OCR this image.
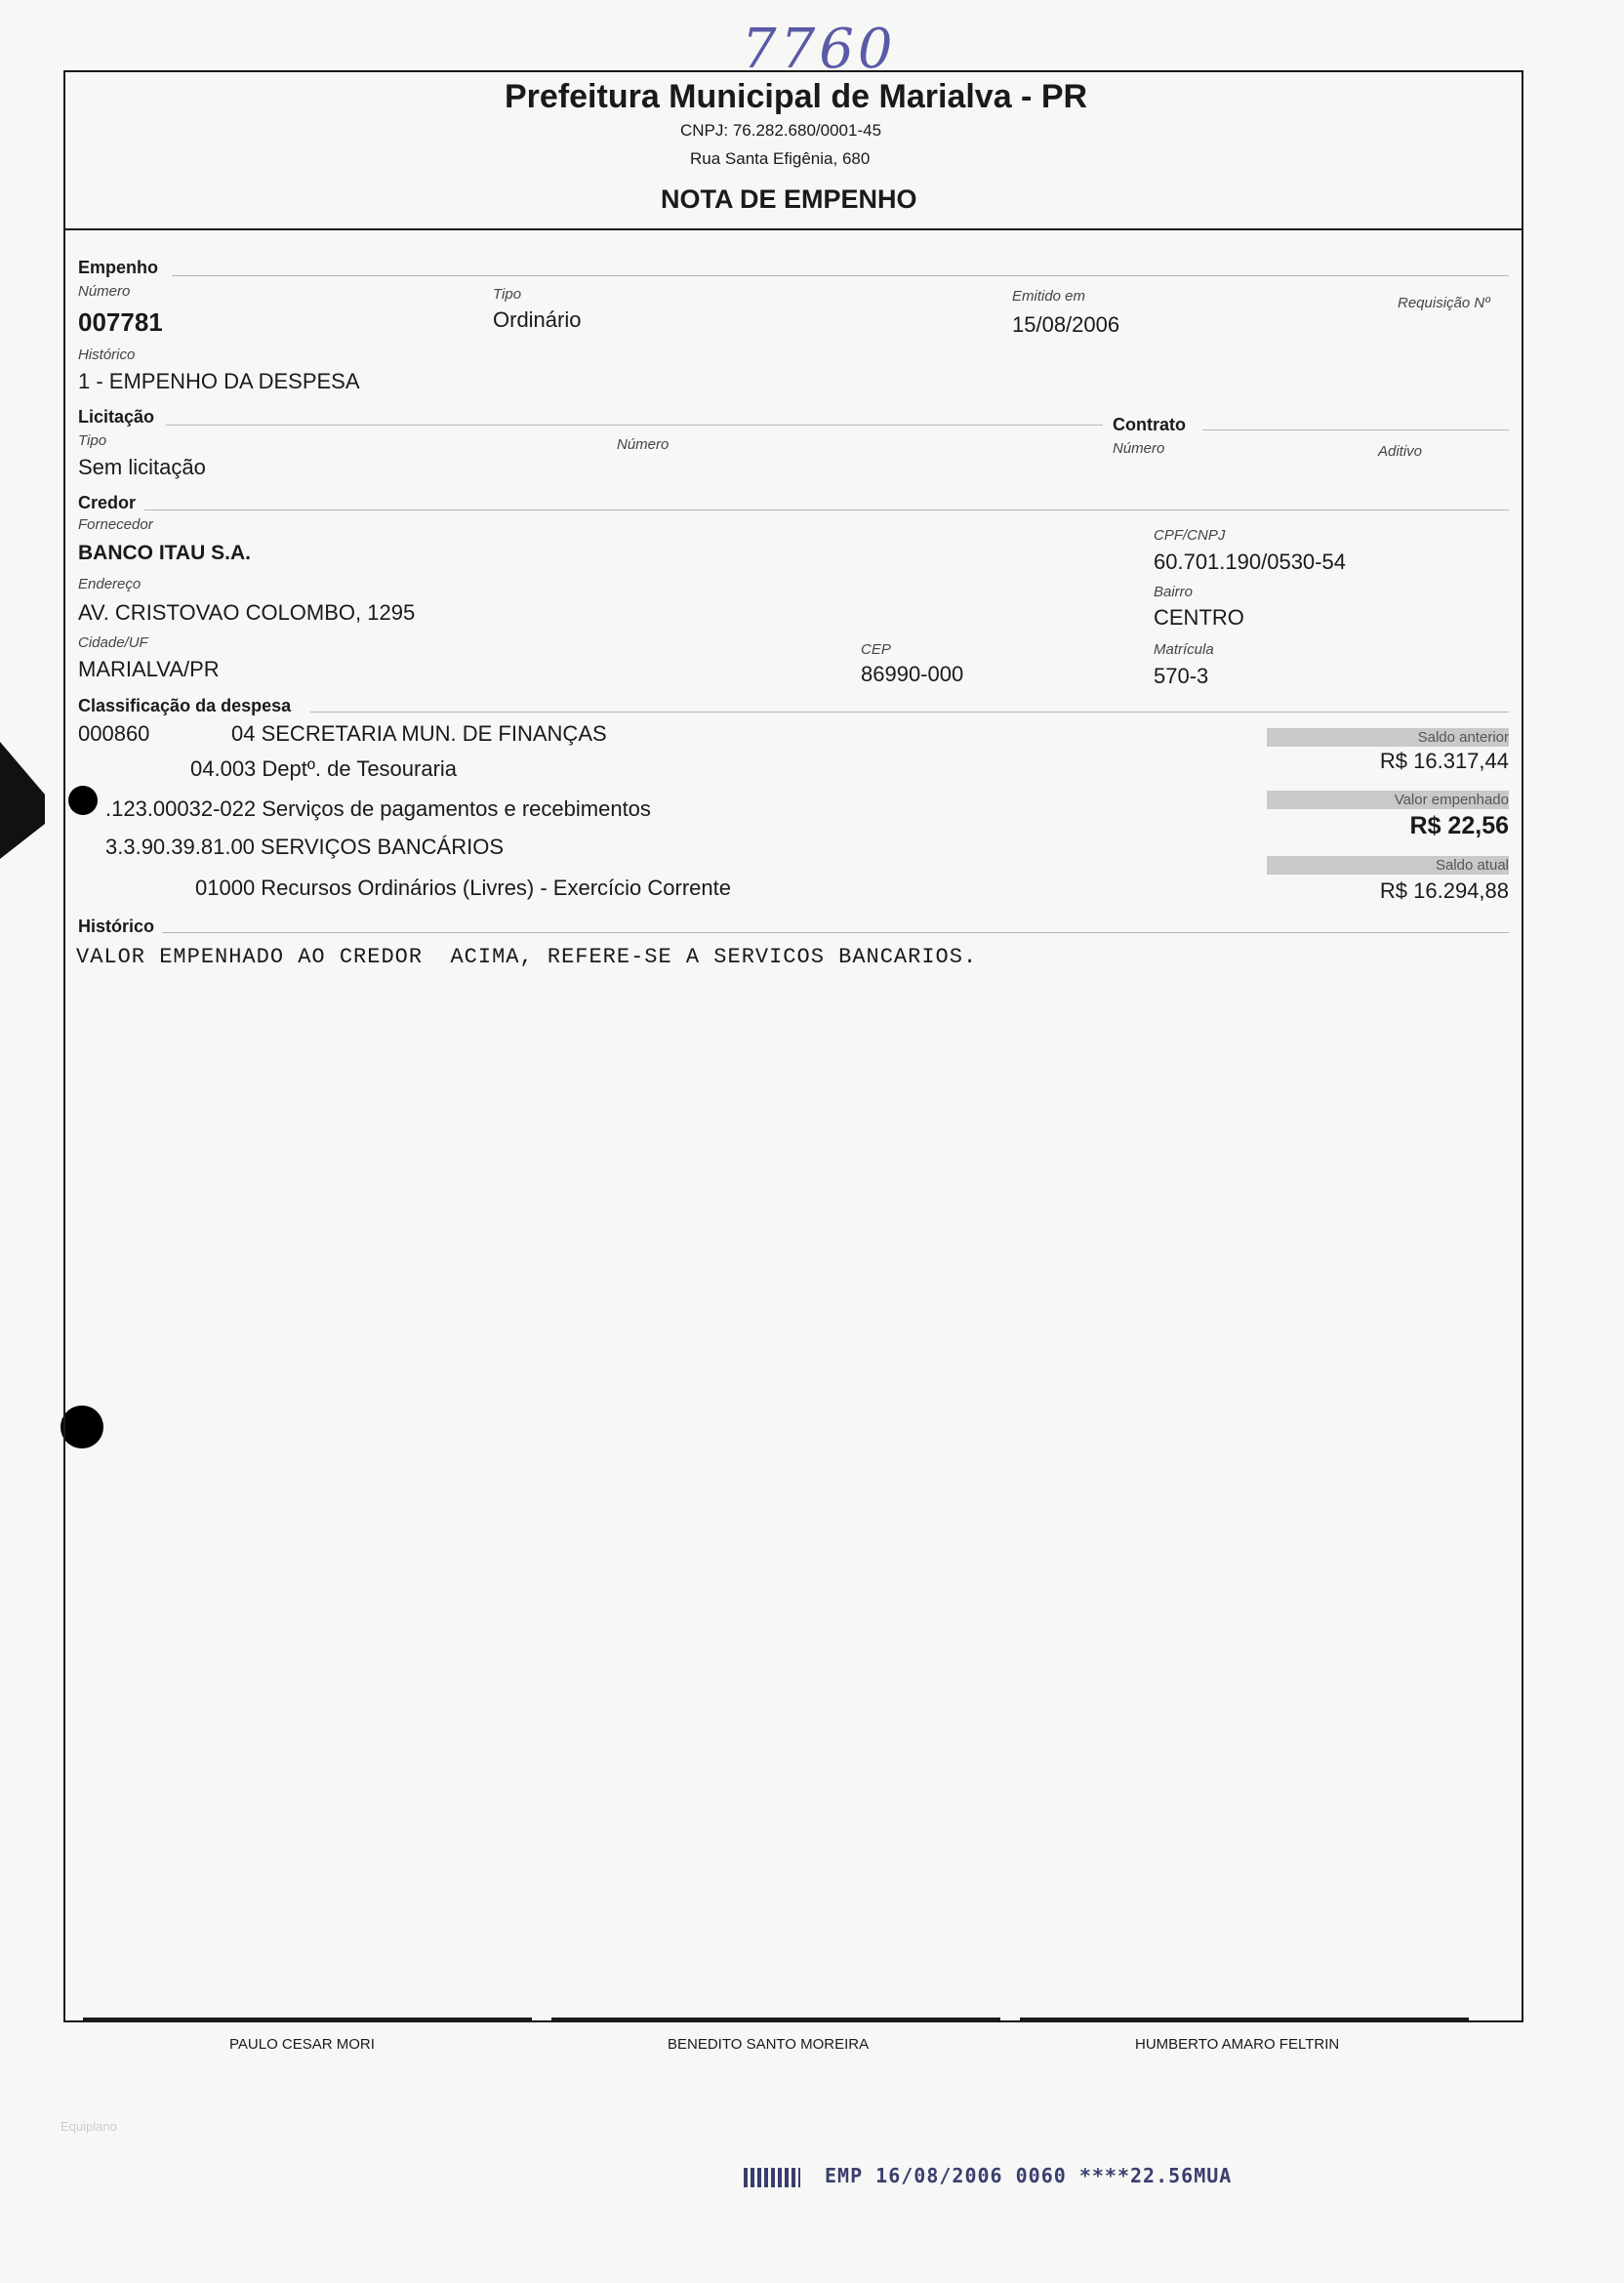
7760
Prefeitura Municipal de Marialva - PR
CNPJ: 76.282.680/0001-45
Rua Santa Efigênia, 680
NOTA DE EMPENHO
Empenho
Número
007781
Tipo
Ordinário
Emitido em
15/08/2006
Requisição Nº
Histórico
1 - EMPENHO DA DESPESA
Licitação	Contrato
Tipo
Sem licitação
Número	Número	Aditivo
Credor
Fornecedor
BANCO ITAU S.A.
CPF/CNPJ
60.701.190/0530-54
Endereço
AV. CRISTOVAO COLOMBO, 1295
Bairro
CENTRO
Cidade/UF
MARIALVA/PR
CEP
86990-000
Matrícula
570-3
Classificação da despesa
000860	04 SECRETARIA MUN. DE FINANÇAS
04.003 Deptº. de Tesouraria
.123.00032-022 Serviços de pagamentos e recebimentos
3.3.90.39.81.00 SERVIÇOS BANCÁRIOS
01000 Recursos Ordinários (Livres) - Exercício Corrente
Saldo anterior
R$ 16.317,44
Valor empenhado
R$ 22,56
Saldo atual
R$ 16.294,88
Histórico
VALOR EMPENHADO AO CREDOR  ACIMA, REFERE-SE A SERVICOS BANCARIOS.
PAULO CESAR MORI	BENEDITO SANTO MOREIRA	HUMBERTO AMARO FELTRIN
Equiplano
EMP 16/08/2006 0060 ****22.56MUA
